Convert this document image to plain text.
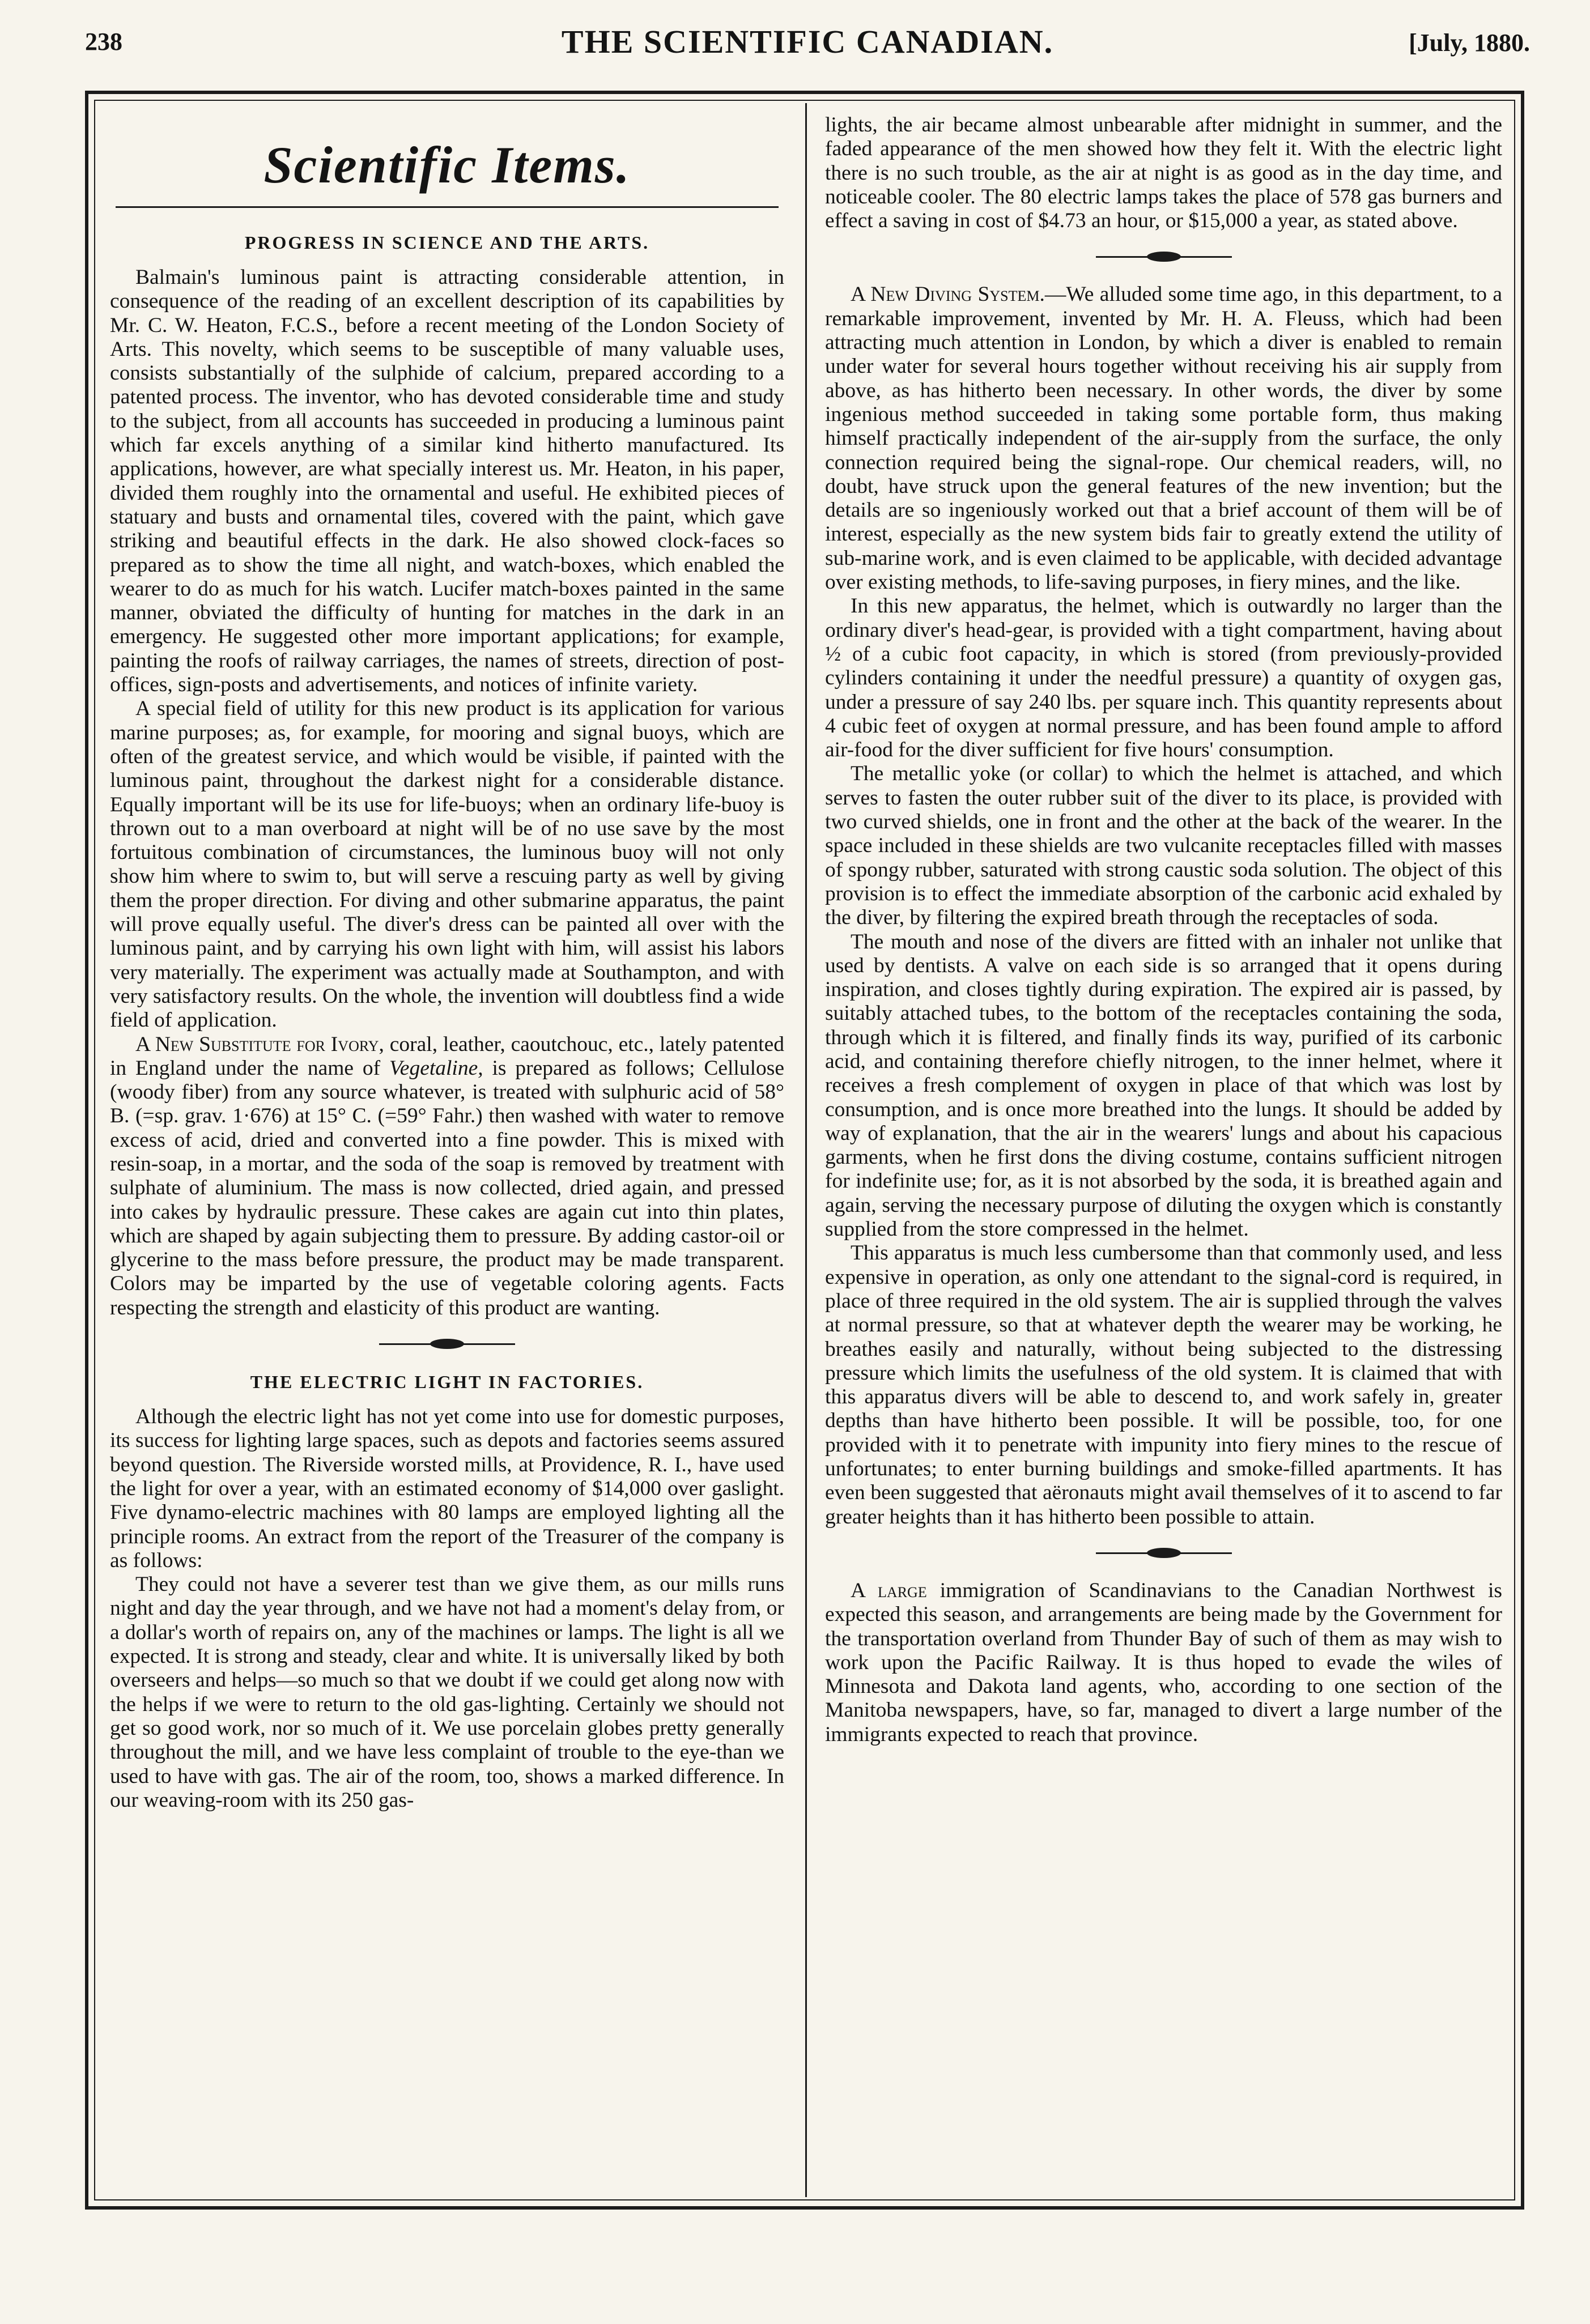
238	THE SCIENTIFIC CANADIAN.	[July, 1880.
Scientific Items.
PROGRESS IN SCIENCE AND THE ARTS.

Balmain's luminous paint is attracting considerable attention, in consequence of the reading of an excellent description of its capabilities by Mr. C. W. Heaton, F.C.S., before a recent meeting of the London Society of Arts. This novelty, which seems to be susceptible of many valuable uses, consists substantially of the sulphide of calcium, prepared according to a patented process. The inventor, who has devoted considerable time and study to the subject, from all accounts has succeeded in producing a luminous paint which far excels anything of a similar kind hitherto manufactured. Its applications, however, are what specially interest us. Mr. Heaton, in his paper, divided them roughly into the ornamental and useful. He exhibited pieces of statuary and busts and ornamental tiles, covered with the paint, which gave striking and beautiful effects in the dark. He also showed clock-faces so prepared as to show the time all night, and watch-boxes, which enabled the wearer to do as much for his watch. Lucifer match-boxes painted in the same manner, obviated the difficulty of hunting for matches in the dark in an emergency. He suggested other more important applications; for example, painting the roofs of railway carriages, the names of streets, direction of post-offices, sign-posts and advertisements, and notices of infinite variety.

A special field of utility for this new product is its application for various marine purposes; as, for example, for mooring and signal buoys, which are often of the greatest service, and which would be visible, if painted with the luminous paint, throughout the darkest night for a considerable distance. Equally important will be its use for life-buoys; when an ordinary life-buoy is thrown out to a man overboard at night will be of no use save by the most fortuitous combination of circumstances, the luminous buoy will not only show him where to swim to, but will serve a rescuing party as well by giving them the proper direction. For diving and other submarine apparatus, the paint will prove equally useful. The diver's dress can be painted all over with the luminous paint, and by carrying his own light with him, will assist his labors very materially. The experiment was actually made at Southampton, and with very satisfactory results. On the whole, the invention will doubtless find a wide field of application.

A New Substitute for Ivory, coral, leather, caoutchouc, etc., lately patented in England under the name of Vegetaline, is prepared as follows; Cellulose (woody fiber) from any source whatever, is treated with sulphuric acid of 58° B. (=sp. grav. 1·676) at 15° C. (=59° Fahr.) then washed with water to remove excess of acid, dried and converted into a fine powder. This is mixed with resin-soap, in a mortar, and the soda of the soap is removed by treatment with sulphate of aluminium. The mass is now collected, dried again, and pressed into cakes by hydraulic pressure. These cakes are again cut into thin plates, which are shaped by again subjecting them to pressure. By adding castor-oil or glycerine to the mass before pressure, the product may be made transparent. Colors may be imparted by the use of vegetable coloring agents. Facts respecting the strength and elasticity of this product are wanting.

THE ELECTRIC LIGHT IN FACTORIES.

Although the electric light has not yet come into use for domestic purposes, its success for lighting large spaces, such as depots and factories seems assured beyond question. The Riverside worsted mills, at Providence, R. I., have used the light for over a year, with an estimated economy of $14,000 over gaslight. Five dynamo-electric machines with 80 lamps are employed lighting all the principle rooms. An extract from the report of the Treasurer of the company is as follows:

They could not have a severer test than we give them, as our mills runs night and day the year through, and we have not had a moment's delay from, or a dollar's worth of repairs on, any of the machines or lamps. The light is all we expected. It is strong and steady, clear and white. It is universally liked by both overseers and helps—so much so that we doubt if we could get along now with the helps if we were to return to the old gas-lighting. Certainly we should not get so good work, nor so much of it. We use porcelain globes pretty generally throughout the mill, and we have less complaint of trouble to the eye-than we used to have with gas. The air of the room, too, shows a marked difference. In our weaving-room with its 250 gas-

lights, the air became almost unbearable after midnight in summer, and the faded appearance of the men showed how they felt it. With the electric light there is no such trouble, as the air at night is as good as in the day time, and noticeable cooler. The 80 electric lamps takes the place of 578 gas burners and effect a saving in cost of $4.73 an hour, or $15,000 a year, as stated above.

A New Diving System.—We alluded some time ago, in this department, to a remarkable improvement, invented by Mr. H. A. Fleuss, which had been attracting much attention in London, by which a diver is enabled to remain under water for several hours together without receiving his air supply from above, as has hitherto been necessary. In other words, the diver by some ingenious method succeeded in taking some portable form, thus making himself practically independent of the air-supply from the surface, the only connection required being the signal-rope. Our chemical readers, will, no doubt, have struck upon the general features of the new invention; but the details are so ingeniously worked out that a brief account of them will be of interest, especially as the new system bids fair to greatly extend the utility of sub-marine work, and is even claimed to be applicable, with decided advantage over existing methods, to life-saving purposes, in fiery mines, and the like.

In this new apparatus, the helmet, which is outwardly no larger than the ordinary diver's head-gear, is provided with a tight compartment, having about ½ of a cubic foot capacity, in which is stored (from previously-provided cylinders containing it under the needful pressure) a quantity of oxygen gas, under a pressure of say 240 lbs. per square inch. This quantity represents about 4 cubic feet of oxygen at normal pressure, and has been found ample to afford air-food for the diver sufficient for five hours' consumption.

The metallic yoke (or collar) to which the helmet is attached, and which serves to fasten the outer rubber suit of the diver to its place, is provided with two curved shields, one in front and the other at the back of the wearer. In the space included in these shields are two vulcanite receptacles filled with masses of spongy rubber, saturated with strong caustic soda solution. The object of this provision is to effect the immediate absorption of the carbonic acid exhaled by the diver, by filtering the expired breath through the receptacles of soda.

The mouth and nose of the divers are fitted with an inhaler not unlike that used by dentists. A valve on each side is so arranged that it opens during inspiration, and closes tightly during expiration. The expired air is passed, by suitably attached tubes, to the bottom of the receptacles containing the soda, through which it is filtered, and finally finds its way, purified of its carbonic acid, and containing therefore chiefly nitrogen, to the inner helmet, where it receives a fresh complement of oxygen in place of that which was lost by consumption, and is once more breathed into the lungs. It should be added by way of explanation, that the air in the wearers' lungs and about his capacious garments, when he first dons the diving costume, contains sufficient nitrogen for indefinite use; for, as it is not absorbed by the soda, it is breathed again and again, serving the necessary purpose of diluting the oxygen which is constantly supplied from the store compressed in the helmet.

This apparatus is much less cumbersome than that commonly used, and less expensive in operation, as only one attendant to the signal-cord is required, in place of three required in the old system. The air is supplied through the valves at normal pressure, so that at whatever depth the wearer may be working, he breathes easily and naturally, without being subjected to the distressing pressure which limits the usefulness of the old system. It is claimed that with this apparatus divers will be able to descend to, and work safely in, greater depths than have hitherto been possible. It will be possible, too, for one provided with it to penetrate with impunity into fiery mines to the rescue of unfortunates; to enter burning buildings and smoke-filled apartments. It has even been suggested that aëronauts might avail themselves of it to ascend to far greater heights than it has hitherto been possible to attain.

A large immigration of Scandinavians to the Canadian Northwest is expected this season, and arrangements are being made by the Government for the transportation overland from Thunder Bay of such of them as may wish to work upon the Pacific Railway. It is thus hoped to evade the wiles of Minnesota and Dakota land agents, who, according to one section of the Manitoba newspapers, have, so far, managed to divert a large number of the immigrants expected to reach that province.
